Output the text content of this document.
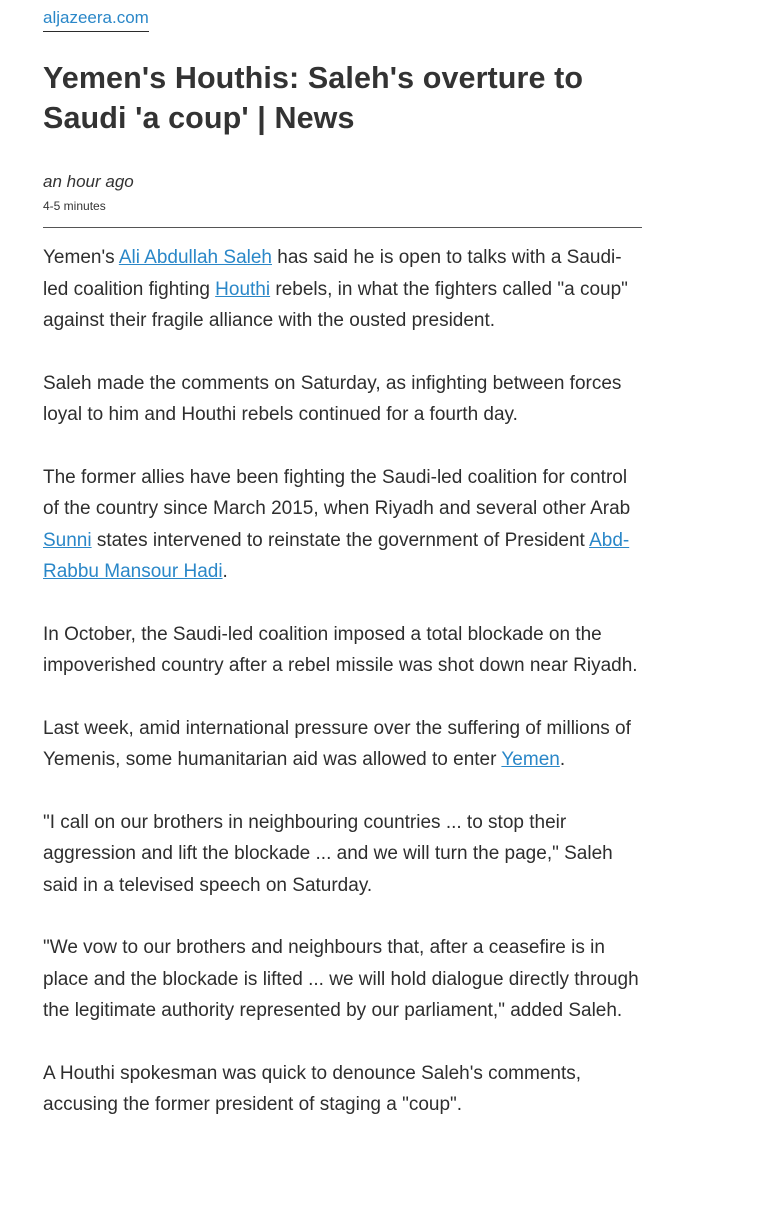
aljazeera.com
Yemen's Houthis: Saleh's overture to Saudi 'a coup' | News
an hour ago
4-5 minutes

Yemen's Ali Abdullah Saleh has said he is open to talks with a Saudi-led coalition fighting Houthi rebels, in what the fighters called "a coup" against their fragile alliance with the ousted president.

Saleh made the comments on Saturday, as infighting between forces loyal to him and Houthi rebels continued for a fourth day.

The former allies have been fighting the Saudi-led coalition for control of the country since March 2015, when Riyadh and several other Arab Sunni states intervened to reinstate the government of President Abd-Rabbu Mansour Hadi.

In October, the Saudi-led coalition imposed a total blockade on the impoverished country after a rebel missile was shot down near Riyadh.

Last week, amid international pressure over the suffering of millions of Yemenis, some humanitarian aid was allowed to enter Yemen.

"I call on our brothers in neighbouring countries ... to stop their aggression and lift the blockade ... and we will turn the page," Saleh said in a televised speech on Saturday.

"We vow to our brothers and neighbours that, after a ceasefire is in place and the blockade is lifted ... we will hold dialogue directly through the legitimate authority represented by our parliament," added Saleh.

A Houthi spokesman was quick to denounce Saleh's comments, accusing the former president of staging a "coup".
